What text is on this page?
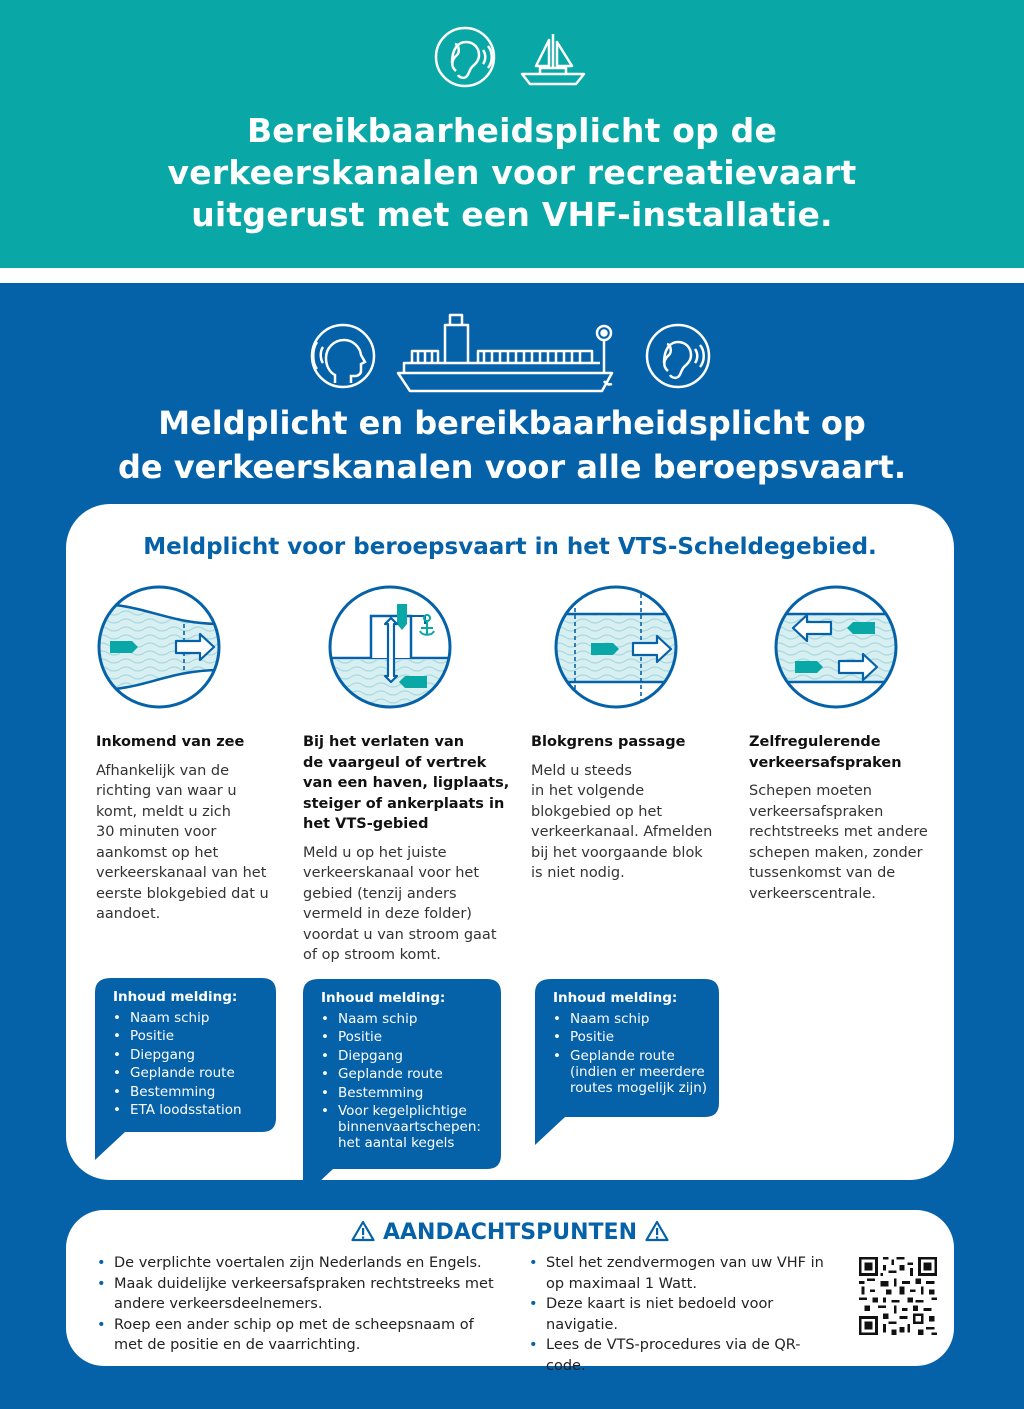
Bereikbaarheidsplicht op de
verkeerskanalen voor recreatievaart
uitgerust met een VHF-installatie.
Meldplicht en bereikbaarheidsplicht op
de verkeerskanalen voor alle beroepsvaart.
Meldplicht voor beroepsvaart in het VTS-Scheldegebied.
Inkomend van zee

Afhankelijk van de
richting van waar u
komt, meldt u zich
30 minuten voor
aankomst op het
verkeerskanaal van het
eerste blokgebied dat u
aandoet.

Bij het verlaten van
de vaargeul of vertrek
van een haven, ligplaats,
steiger of ankerplaats in
het VTS-gebied

Meld u op het juiste
verkeerskanaal voor het
gebied (tenzij anders
vermeld in deze folder)
voordat u van stroom gaat
of op stroom komt.

Blokgrens passage

Meld u steeds
in het volgende
blokgebied op het
verkeerkanaal. Afmelden
bij het voorgaande blok
is niet nodig.

Zelfregulerende
verkeersafspraken

Schepen moeten
verkeersafspraken
rechtstreeks met andere
schepen maken, zonder
tussenkomst van de
verkeerscentrale.

Inhoud melding:
• Naam schip
• Positie
• Diepgang
• Geplande route
• Bestemming
• ETA loodsstation
Inhoud melding:
• Naam schip
• Positie
• Diepgang
• Geplande route
• Bestemming
• Voor kegelplichtige binnenvaartschepen: het aantal kegels
Inhoud melding:
• Naam schip
• Positie
• Geplande route (indien er meerdere routes mogelijk zijn)
AANDACHTSPUNTEN
• De verplichte voertalen zijn Nederlands en Engels.
• Maak duidelijke verkeersafspraken rechtstreeks met andere verkeersdeelnemers.
• Roep een ander schip op met de scheepsnaam of met de positie en de vaarrichting.
• Stel het zendvermogen van uw VHF in op maximaal 1 Watt.
• Deze kaart is niet bedoeld voor navigatie.
• Lees de VTS-procedures via de QR-code.
